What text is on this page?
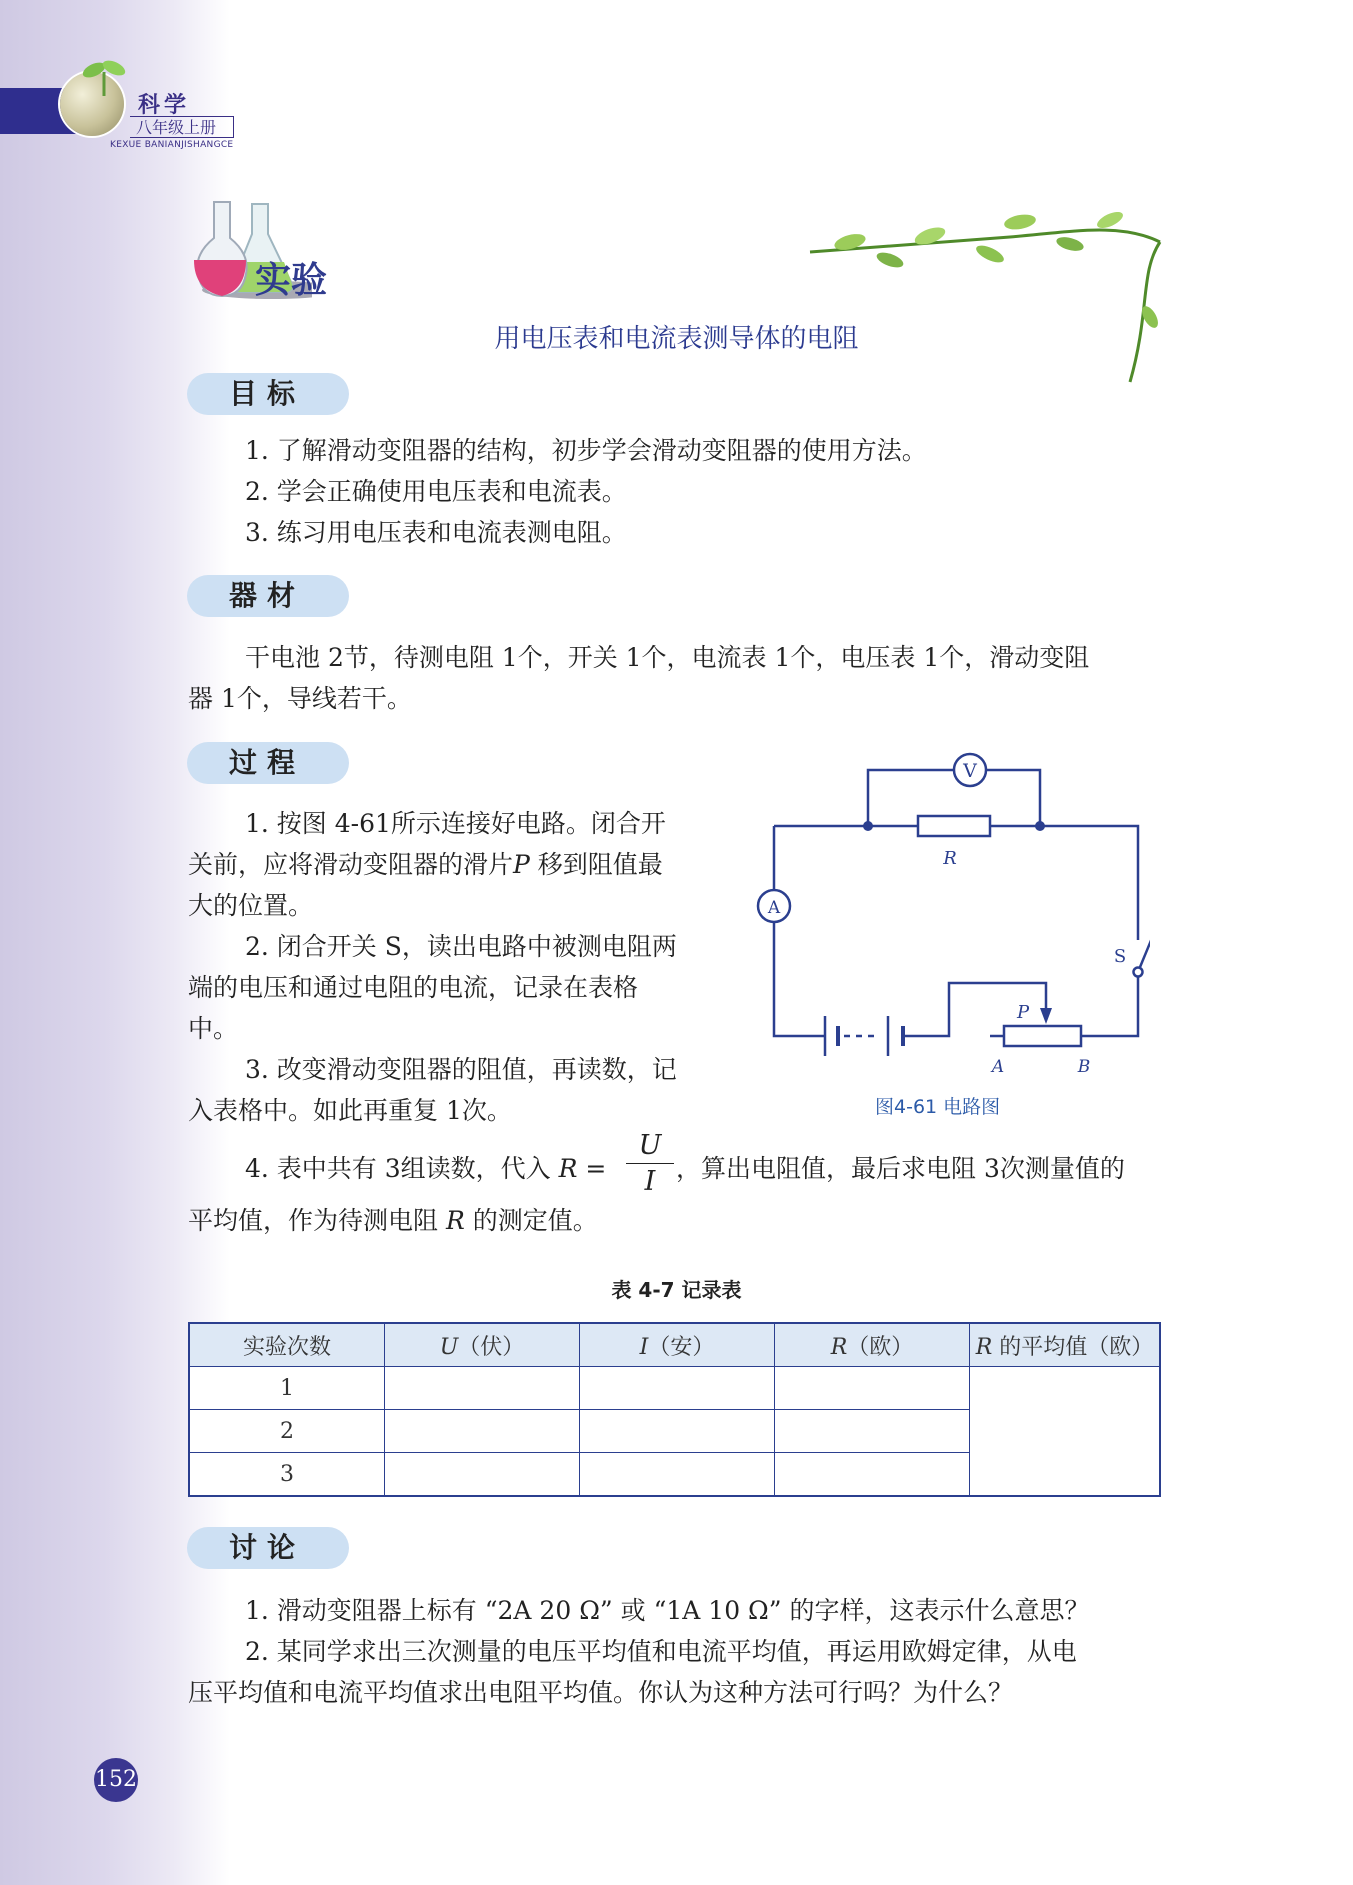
科学
八年级上册
KEXUE BANIANJISHANGCE
实验
用电压表和电流表测导体的电阻
目标
1. 了解滑动变阻器的结构，初步学会滑动变阻器的使用方法。
2. 学会正确使用电压表和电流表。
3. 练习用电压表和电流表测电阻。
器材
干电池 2节，待测电阻 1个，开关 1个，电流表 1个，电压表 1个，滑动变阻
器 1个，导线若干。
过程
1. 按图 4-61所示连接好电路。闭合开
关前，应将滑动变阻器的滑片P 移到阻值最
大的位置。
2. 闭合开关 S，读出电路中被测电阻两
端的电压和通过电阻的电流，记录在表格
中。
3. 改变滑动变阻器的阻值，再读数，记
入表格中。如此再重复 1次。
4. 表中共有 3组读数，代入 R =
U
I ，算出电阻值，最后求电阻 3次测量值的
平均值，作为待测电阻 R 的测定值。
V
R
A
S
P
A	B
图4-61 电路图
表 4-7 记录表
实验次数	U（伏）	I（安）	R（欧）	R 的平均值（欧）
1				
2				
3				
讨论
1. 滑动变阻器上标有 “2A 20 Ω” 或 “1A 10 Ω” 的字样，这表示什么意思？
2. 某同学求出三次测量的电压平均值和电流平均值，再运用欧姆定律，从电
压平均值和电流平均值求出电阻平均值。你认为这种方法可行吗？为什么？
152
